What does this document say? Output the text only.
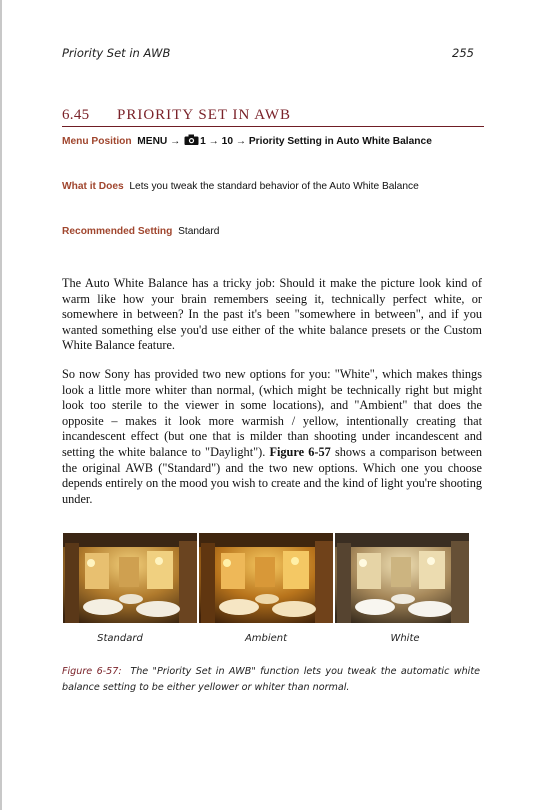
Priority Set in AWB	255
6.45 PRIORITY SET IN AWB
Menu Position MENU → 1 → 10 → Priority Setting in Auto White Balance
What it Does Lets you tweak the standard behavior of the Auto White Balance
Recommended Setting Standard

The Auto White Balance has a tricky job: Should it make the picture look kind of warm like how your brain remembers seeing it, technically perfect white, or somewhere in between? In the past it's been "somewhere in between", and if you wanted something else you'd use either of the white balance presets or the Custom White Balance feature.

So now Sony has provided two new options for you: "White", which makes things look a little more whiter than normal, (which might be technically right but might look too sterile to the viewer in some locations), and "Ambient" that does the opposite – makes it look more warmish / yellow, intentionally creating that incandescent effect (but one that is milder than shooting under incandescent and setting the white balance to "Daylight"). Figure 6-57 shows a comparison between the original AWB ("Standard") and the two new options. Which one you choose depends entirely on the mood you wish to create and the kind of light you're shooting under.

Standard	Ambient	White
Figure 6-57: The "Priority Set in AWB" function lets you tweak the automatic white balance setting to be either yellower or whiter than normal.
